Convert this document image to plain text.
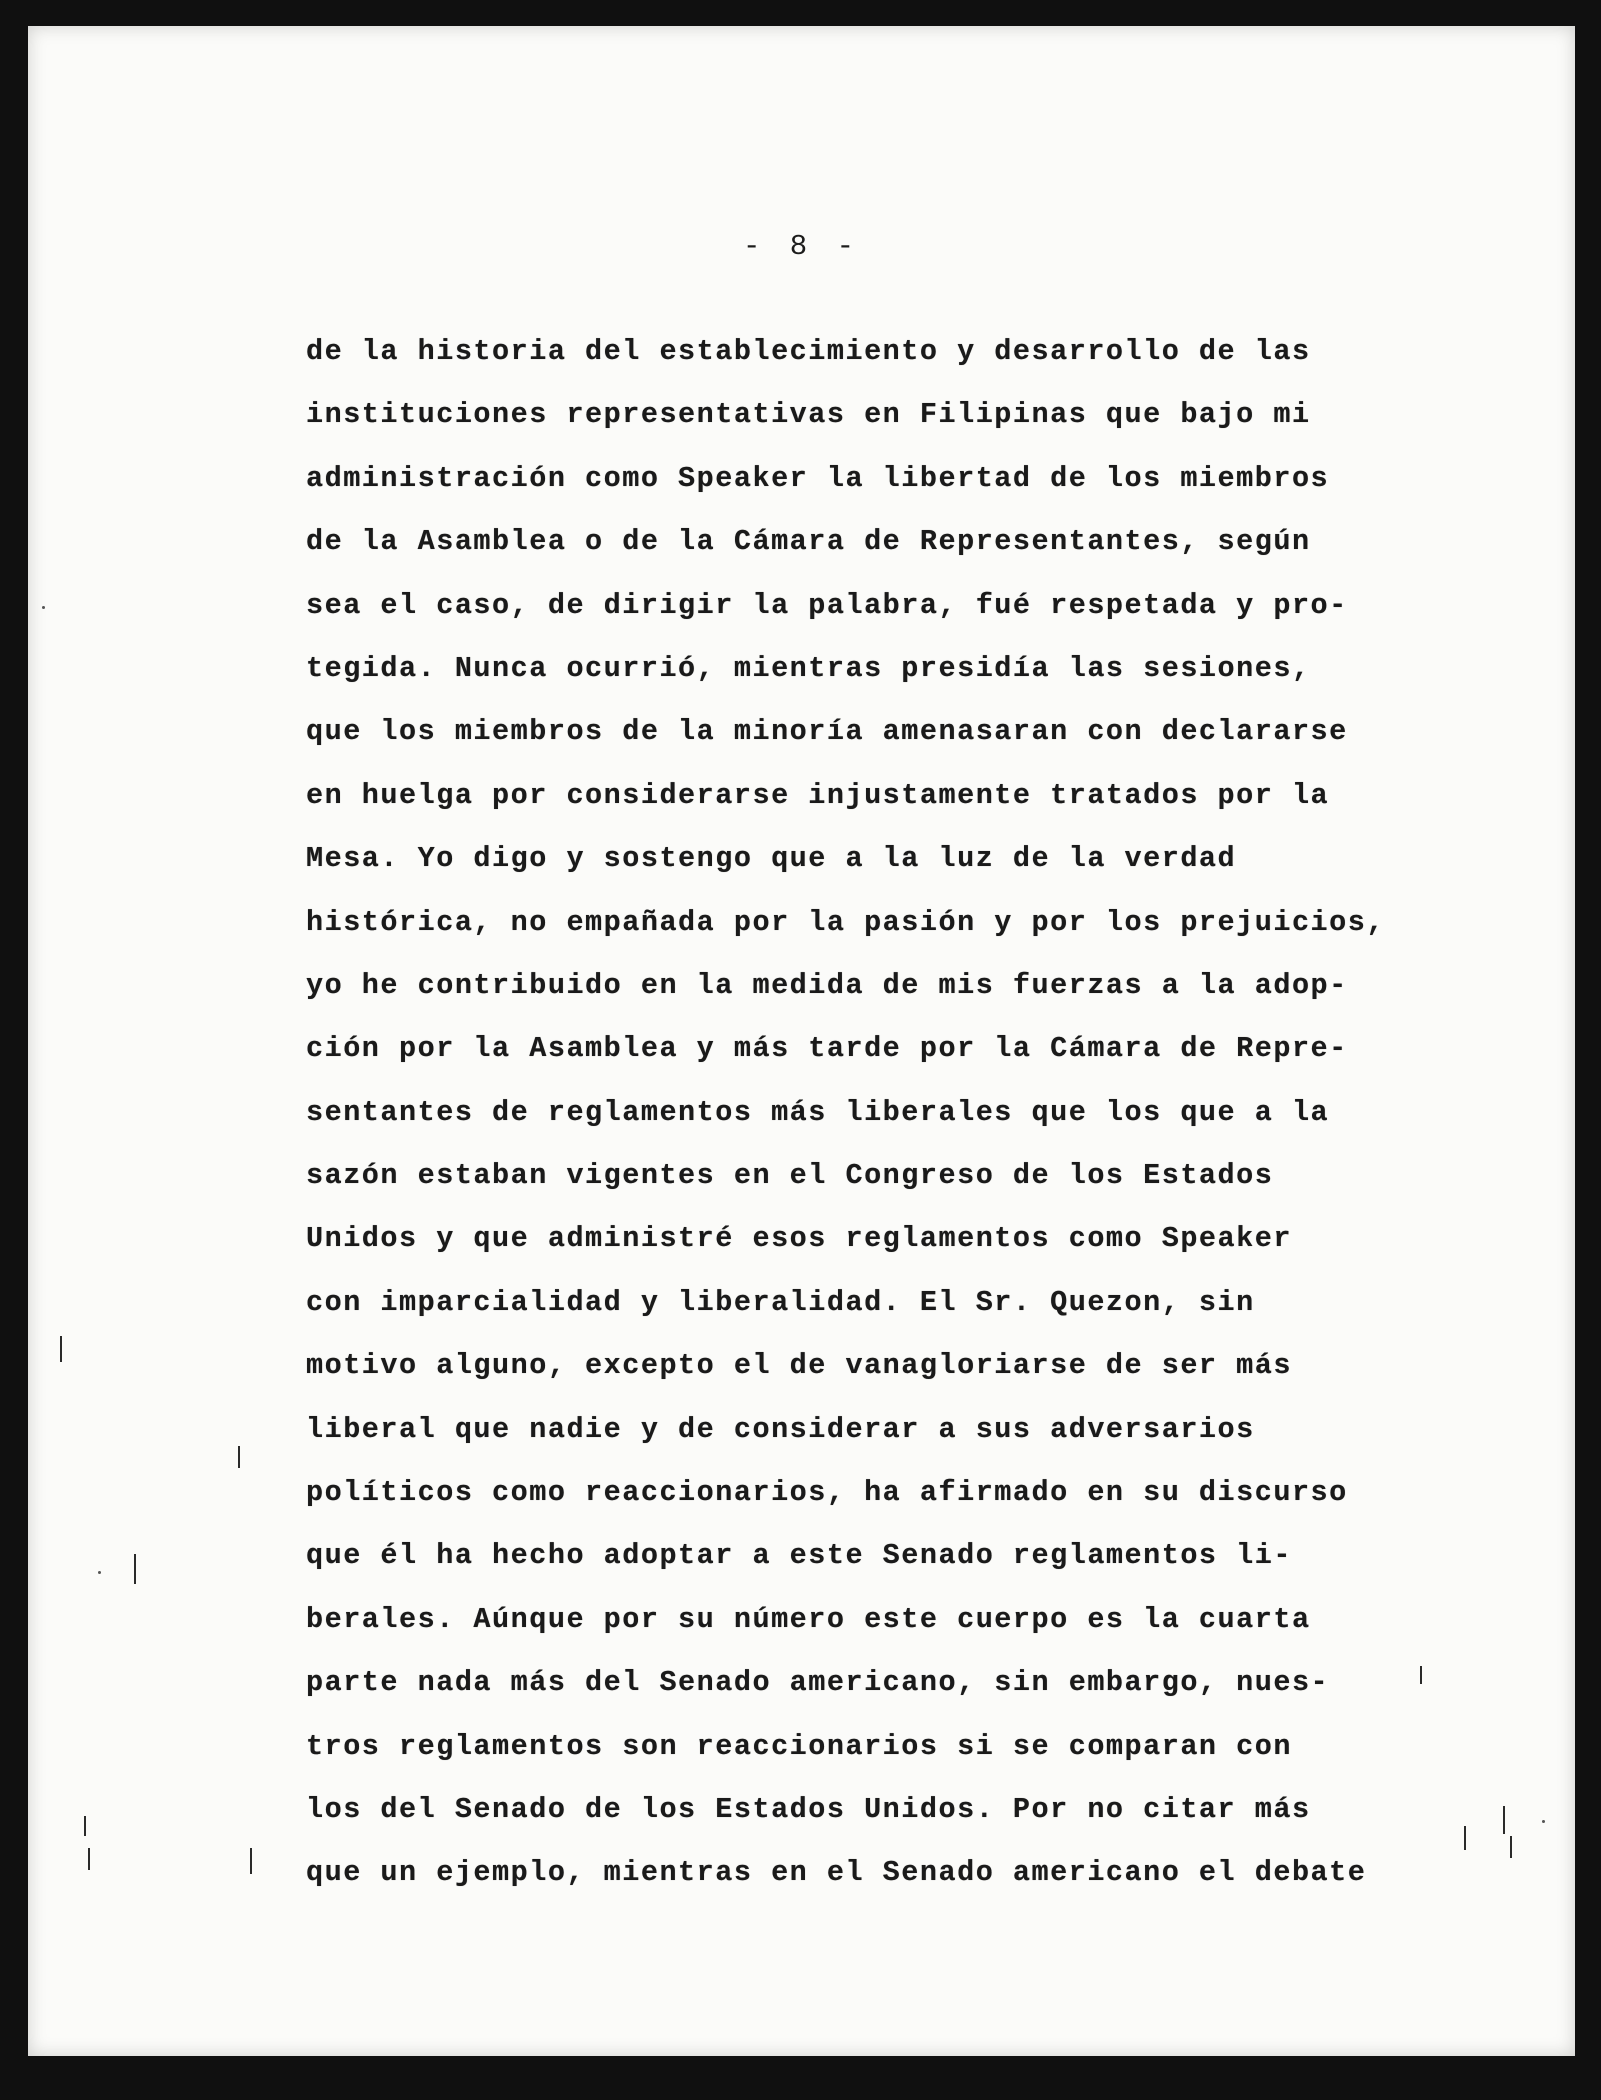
- 8 -
de la historia del establecimiento y desarrollo de las
instituciones representativas en Filipinas que bajo mi
administración como Speaker la libertad de los miembros
de la Asamblea o de la Cámara de Representantes, según
sea el caso, de dirigir la palabra, fué respetada y pro-
tegida. Nunca ocurrió, mientras presidía las sesiones,
que los miembros de la minoría amenasaran con declararse
en huelga por considerarse injustamente tratados por la
Mesa. Yo digo y sostengo que a la luz de la verdad
histórica, no empañada por la pasión y por los prejuicios,
yo he contribuido en la medida de mis fuerzas a la adop-
ción por la Asamblea y más tarde por la Cámara de Repre-
sentantes de reglamentos más liberales que los que a la
sazón estaban vigentes en el Congreso de los Estados
Unidos y que administré esos reglamentos como Speaker
con imparcialidad y liberalidad. El Sr. Quezon, sin
motivo alguno, excepto el de vanagloriarse de ser más
liberal que nadie y de considerar a sus adversarios
políticos como reaccionarios, ha afirmado en su discurso
que él ha hecho adoptar a este Senado reglamentos li-
berales. Aúnque por su número este cuerpo es la cuarta
parte nada más del Senado americano, sin embargo, nues-
tros reglamentos son reaccionarios si se comparan con
los del Senado de los Estados Unidos. Por no citar más
que un ejemplo, mientras en el Senado americano el debate
